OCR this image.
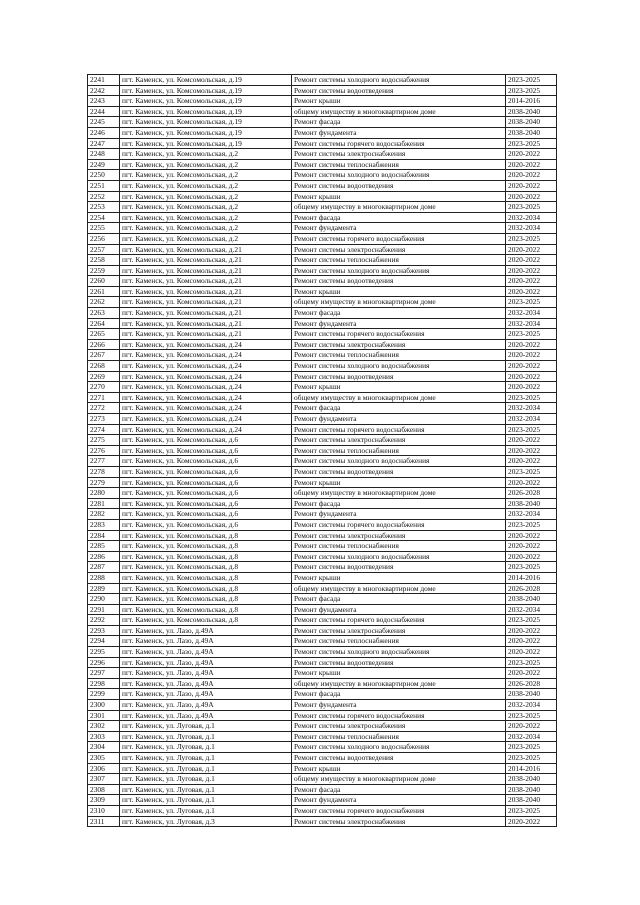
2241	пгт. Каменск, ул. Комсомольская, д.19	Ремонт системы холодного водоснабжения	2023-2025
2242	пгт. Каменск, ул. Комсомольская, д.19	Ремонт системы водоотведения	2023-2025
2243	пгт. Каменск, ул. Комсомольская, д.19	Ремонт крыши	2014-2016
2244	пгт. Каменск, ул. Комсомольская, д.19	общему имуществу в многоквартирном доме	2038-2040
2245	пгт. Каменск, ул. Комсомольская, д.19	Ремонт фасада	2038-2040
2246	пгт. Каменск, ул. Комсомольская, д.19	Ремонт фундамента	2038-2040
2247	пгт. Каменск, ул. Комсомольская, д.19	Ремонт системы горячего водоснабжения	2023-2025
2248	пгт. Каменск, ул. Комсомольская, д.2	Ремонт системы электроснабжения	2020-2022
2249	пгт. Каменск, ул. Комсомольская, д.2	Ремонт системы теплоснабжения	2020-2022
2250	пгт. Каменск, ул. Комсомольская, д.2	Ремонт системы холодного водоснабжения	2020-2022
2251	пгт. Каменск, ул. Комсомольская, д.2	Ремонт системы водоотведения	2020-2022
2252	пгт. Каменск, ул. Комсомольская, д.2	Ремонт крыши	2020-2022
2253	пгт. Каменск, ул. Комсомольская, д.2	общему имуществу в многоквартирном доме	2023-2025
2254	пгт. Каменск, ул. Комсомольская, д.2	Ремонт фасада	2032-2034
2255	пгт. Каменск, ул. Комсомольская, д.2	Ремонт фундамента	2032-2034
2256	пгт. Каменск, ул. Комсомольская, д.2	Ремонт системы горячего водоснабжения	2023-2025
2257	пгт. Каменск, ул. Комсомольская, д.21	Ремонт системы электроснабжения	2020-2022
2258	пгт. Каменск, ул. Комсомольская, д.21	Ремонт системы теплоснабжения	2020-2022
2259	пгт. Каменск, ул. Комсомольская, д.21	Ремонт системы холодного водоснабжения	2020-2022
2260	пгт. Каменск, ул. Комсомольская, д.21	Ремонт системы водоотведения	2020-2022
2261	пгт. Каменск, ул. Комсомольская, д.21	Ремонт крыши	2020-2022
2262	пгт. Каменск, ул. Комсомольская, д.21	общему имуществу в многоквартирном доме	2023-2025
2263	пгт. Каменск, ул. Комсомольская, д.21	Ремонт фасада	2032-2034
2264	пгт. Каменск, ул. Комсомольская, д.21	Ремонт фундамента	2032-2034
2265	пгт. Каменск, ул. Комсомольская, д.21	Ремонт системы горячего водоснабжения	2023-2025
2266	пгт. Каменск, ул. Комсомольская, д.24	Ремонт системы электроснабжения	2020-2022
2267	пгт. Каменск, ул. Комсомольская, д.24	Ремонт системы теплоснабжения	2020-2022
2268	пгт. Каменск, ул. Комсомольская, д.24	Ремонт системы холодного водоснабжения	2020-2022
2269	пгт. Каменск, ул. Комсомольская, д.24	Ремонт системы водоотведения	2020-2022
2270	пгт. Каменск, ул. Комсомольская, д.24	Ремонт крыши	2020-2022
2271	пгт. Каменск, ул. Комсомольская, д.24	общему имуществу в многоквартирном доме	2023-2025
2272	пгт. Каменск, ул. Комсомольская, д.24	Ремонт фасада	2032-2034
2273	пгт. Каменск, ул. Комсомольская, д.24	Ремонт фундамента	2032-2034
2274	пгт. Каменск, ул. Комсомольская, д.24	Ремонт системы горячего водоснабжения	2023-2025
2275	пгт. Каменск, ул. Комсомольская, д.6	Ремонт системы электроснабжения	2020-2022
2276	пгт. Каменск, ул. Комсомольская, д.6	Ремонт системы теплоснабжения	2020-2022
2277	пгт. Каменск, ул. Комсомольская, д.6	Ремонт системы холодного водоснабжения	2020-2022
2278	пгт. Каменск, ул. Комсомольская, д.6	Ремонт системы водоотведения	2023-2025
2279	пгт. Каменск, ул. Комсомольская, д.6	Ремонт крыши	2020-2022
2280	пгт. Каменск, ул. Комсомольская, д.6	общему имуществу в многоквартирном доме	2026-2028
2281	пгт. Каменск, ул. Комсомольская, д.6	Ремонт фасада	2038-2040
2282	пгт. Каменск, ул. Комсомольская, д.6	Ремонт фундамента	2032-2034
2283	пгт. Каменск, ул. Комсомольская, д.6	Ремонт системы горячего водоснабжения	2023-2025
2284	пгт. Каменск, ул. Комсомольская, д.8	Ремонт системы электроснабжения	2020-2022
2285	пгт. Каменск, ул. Комсомольская, д.8	Ремонт системы теплоснабжения	2020-2022
2286	пгт. Каменск, ул. Комсомольская, д.8	Ремонт системы холодного водоснабжения	2020-2022
2287	пгт. Каменск, ул. Комсомольская, д.8	Ремонт системы водоотведения	2023-2025
2288	пгт. Каменск, ул. Комсомольская, д.8	Ремонт крыши	2014-2016
2289	пгт. Каменск, ул. Комсомольская, д.8	общему имуществу в многоквартирном доме	2026-2028
2290	пгт. Каменск, ул. Комсомольская, д.8	Ремонт фасада	2038-2040
2291	пгт. Каменск, ул. Комсомольская, д.8	Ремонт фундамента	2032-2034
2292	пгт. Каменск, ул. Комсомольская, д.8	Ремонт системы горячего водоснабжения	2023-2025
2293	пгт. Каменск, ул. Лазо, д.49А	Ремонт системы электроснабжения	2020-2022
2294	пгт. Каменск, ул. Лазо, д.49А	Ремонт системы теплоснабжения	2020-2022
2295	пгт. Каменск, ул. Лазо, д.49А	Ремонт системы холодного водоснабжения	2020-2022
2296	пгт. Каменск, ул. Лазо, д.49А	Ремонт системы водоотведения	2023-2025
2297	пгт. Каменск, ул. Лазо, д.49А	Ремонт крыши	2020-2022
2298	пгт. Каменск, ул. Лазо, д.49А	общему имуществу в многоквартирном доме	2026-2028
2299	пгт. Каменск, ул. Лазо, д.49А	Ремонт фасада	2038-2040
2300	пгт. Каменск, ул. Лазо, д.49А	Ремонт фундамента	2032-2034
2301	пгт. Каменск, ул. Лазо, д.49А	Ремонт системы горячего водоснабжения	2023-2025
2302	пгт. Каменск, ул. Луговая, д.1	Ремонт системы электроснабжения	2020-2022
2303	пгт. Каменск, ул. Луговая, д.1	Ремонт системы теплоснабжения	2032-2034
2304	пгт. Каменск, ул. Луговая, д.1	Ремонт системы холодного водоснабжения	2023-2025
2305	пгт. Каменск, ул. Луговая, д.1	Ремонт системы водоотведения	2023-2025
2306	пгт. Каменск, ул. Луговая, д.1	Ремонт крыши	2014-2016
2307	пгт. Каменск, ул. Луговая, д.1	общему имуществу в многоквартирном доме	2038-2040
2308	пгт. Каменск, ул. Луговая, д.1	Ремонт фасада	2038-2040
2309	пгт. Каменск, ул. Луговая, д.1	Ремонт фундамента	2038-2040
2310	пгт. Каменск, ул. Луговая, д.1	Ремонт системы горячего водоснабжения	2023-2025
2311	пгт. Каменск, ул. Луговая, д.3	Ремонт системы электроснабжения	2020-2022
